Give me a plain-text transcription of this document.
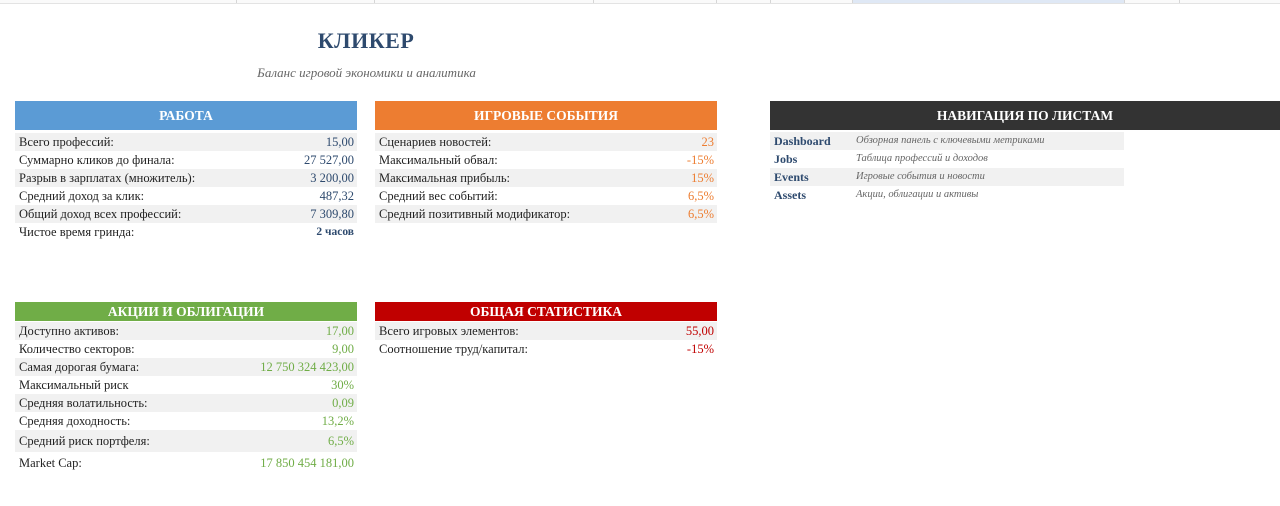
КЛИКЕР
Баланс игровой экономики и аналитика
РАБОТА
Всего профессий:	15,00
Суммарно кликов до финала:	27 527,00
Разрыв в зарплатах (множитель):	3 200,00
Средний доход за клик:	487,32
Общий доход всех профессий:	7 309,80
Чистое время гринда:	2 часов
ИГРОВЫЕ СОБЫТИЯ
Сценариев новостей:	23
Максимальный обвал:	-15%
Максимальная прибыль:	15%
Средний вес событий:	6,5%
Средний позитивный модификатор:	6,5%
НАВИГАЦИЯ ПО ЛИСТАМ
Dashboard	Обзорная панель с ключевыми метриками
Jobs	Таблица профессий и доходов
Events	Игровые события и новости
Assets	Акции, облигации и активы
АКЦИИ И ОБЛИГАЦИИ
Доступно активов:	17,00
Количество секторов:	9,00
Самая дорогая бумага:	12 750 324 423,00
Максимальный риск	30%
Средняя волатильность:	0,09
Средняя доходность:	13,2%
Средний риск портфеля:	6,5%
Market Cap:	17 850 454 181,00
ОБЩАЯ СТАТИСТИКА
Всего игровых элементов:	55,00
Соотношение труд/капитал:	-15%
